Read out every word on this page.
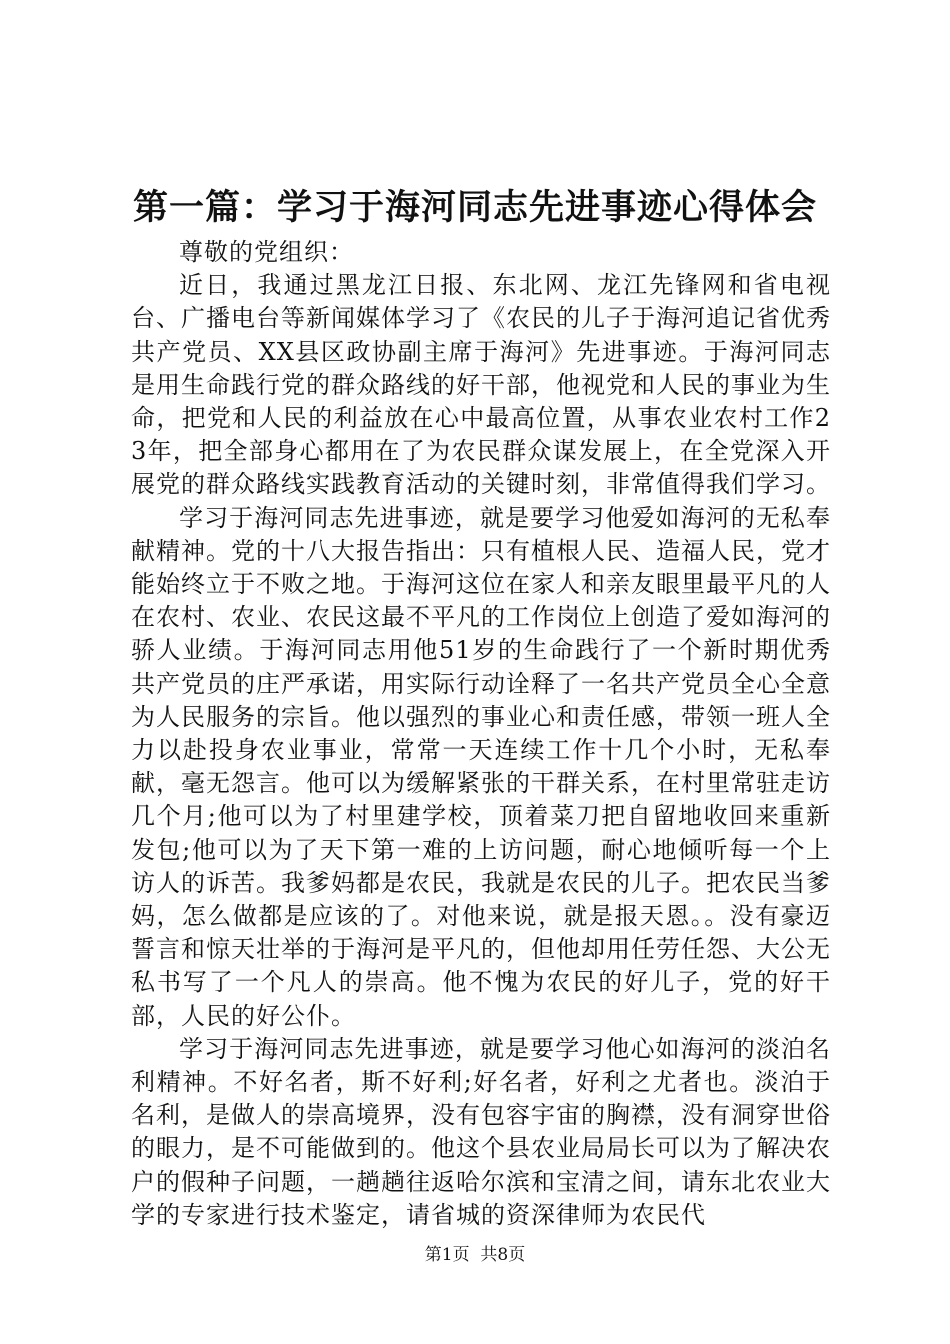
第一篇：学习于海河同志先进事迹心得体会

尊敬的党组织：

近日，我通过黑龙江日报、东北网、龙江先锋网和省电视台、广播电台等新闻媒体学习了《农民的儿子于海河追记省优秀共产党员、XX县区政协副主席于海河》先进事迹。于海河同志是用生命践行党的群众路线的好干部，他视党和人民的事业为生命，把党和人民的利益放在心中最高位置，从事农业农村工作23年，把全部身心都用在了为农民群众谋发展上，在全党深入开展党的群众路线实践教育活动的关键时刻，非常值得我们学习。

学习于海河同志先进事迹，就是要学习他爱如海河的无私奉献精神。党的十八大报告指出：只有植根人民、造福人民，党才能始终立于不败之地。于海河这位在家人和亲友眼里最平凡的人在农村、农业、农民这最不平凡的工作岗位上创造了爱如海河的骄人业绩。于海河同志用他51岁的生命践行了一个新时期优秀共产党员的庄严承诺，用实际行动诠释了一名共产党员全心全意为人民服务的宗旨。他以强烈的事业心和责任感，带领一班人全力以赴投身农业事业，常常一天连续工作十几个小时，无私奉献，毫无怨言。他可以为缓解紧张的干群关系，在村里常驻走访几个月;他可以为了村里建学校，顶着菜刀把自留地收回来重新发包;他可以为了天下第一难的上访问题，耐心地倾听每一个上访人的诉苦。我爹妈都是农民，我就是农民的儿子。把农民当爹妈，怎么做都是应该的了。对他来说，就是报天恩。。没有豪迈誓言和惊天壮举的于海河是平凡的，但他却用任劳任怨、大公无私书写了一个凡人的崇高。他不愧为农民的好儿子，党的好干部，人民的好公仆。

学习于海河同志先进事迹，就是要学习他心如海河的淡泊名利精神。不好名者，斯不好利;好名者，好利之尤者也。淡泊于名利，是做人的崇高境界，没有包容宇宙的胸襟，没有洞穿世俗的眼力，是不可能做到的。他这个县农业局局长可以为了解决农户的假种子问题，一趟趟往返哈尔滨和宝清之间，请东北农业大学的专家进行技术鉴定，请省城的资深律师为农民代

第1页 共8页
